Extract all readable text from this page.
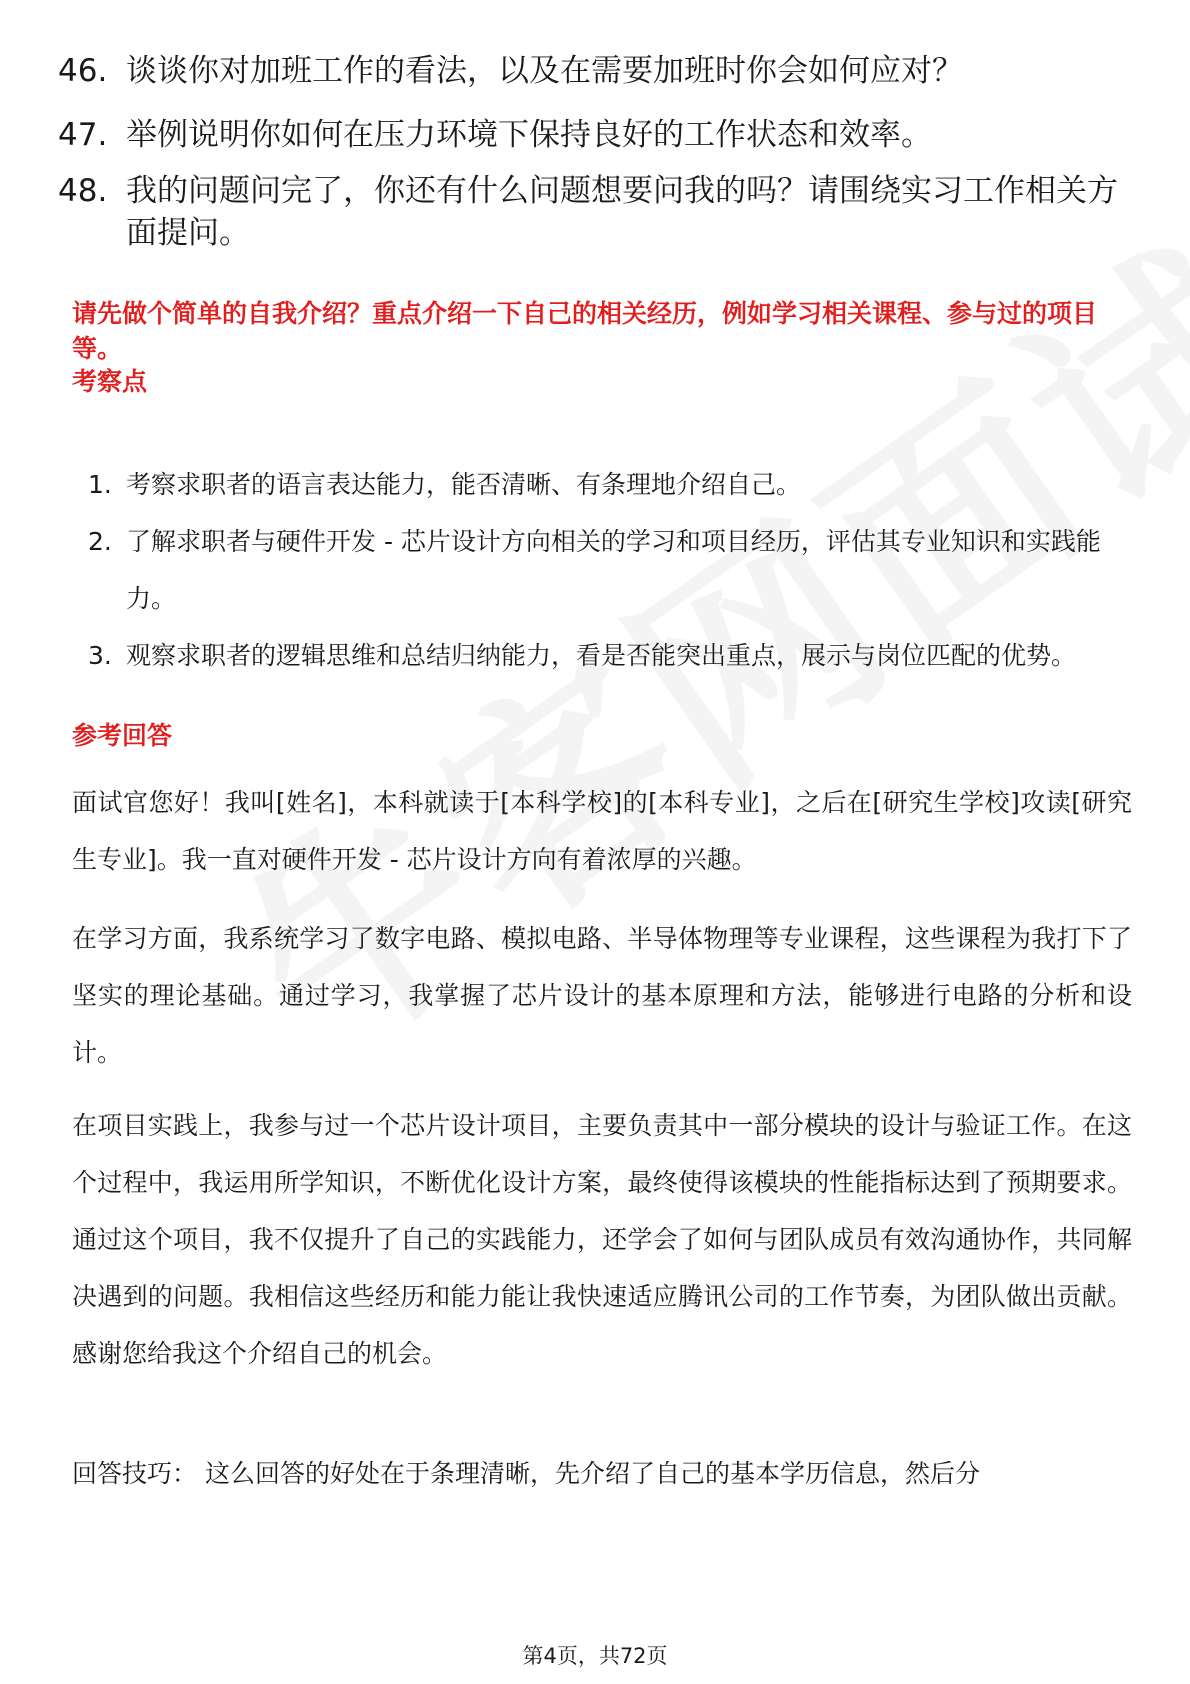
46. 谈谈你对加班工作的看法，以及在需要加班时你会如何应对？
47. 举例说明你如何在压力环境下保持良好的工作状态和效率。
48. 我的问题问完了，你还有什么问题想要问我的吗？请围绕实习工作相关方面提问。
请先做个简单的自我介绍？重点介绍一下自己的相关经历，例如学习相关课程、参与过的项目等。
考察点
1. 考察求职者的语言表达能力，能否清晰、有条理地介绍自己。
2. 了解求职者与硬件开发 - 芯片设计方向相关的学习和项目经历，评估其专业知识和实践能力。
3. 观察求职者的逻辑思维和总结归纳能力，看是否能突出重点，展示与岗位匹配的优势。
参考回答
面试官您好！我叫[姓名]，本科就读于[本科学校]的[本科专业]，之后在[研究生学校]攻读[研究生专业]。我一直对硬件开发 - 芯片设计方向有着浓厚的兴趣。
在学习方面，我系统学习了数字电路、模拟电路、半导体物理等专业课程，这些课程为我打下了坚实的理论基础。通过学习，我掌握了芯片设计的基本原理和方法，能够进行电路的分析和设计。
在项目实践上，我参与过一个芯片设计项目，主要负责其中一部分模块的设计与验证工作。在这个过程中，我运用所学知识，不断优化设计方案，最终使得该模块的性能指标达到了预期要求。通过这个项目，我不仅提升了自己的实践能力，还学会了如何与团队成员有效沟通协作，共同解决遇到的问题。我相信这些经历和能力能让我快速适应腾讯公司的工作节奏，为团队做出贡献。感谢您给我这个介绍自己的机会。
回答技巧： 这么回答的好处在于条理清晰，先介绍了自己的基本学历信息，然后分
第4页，共72页
